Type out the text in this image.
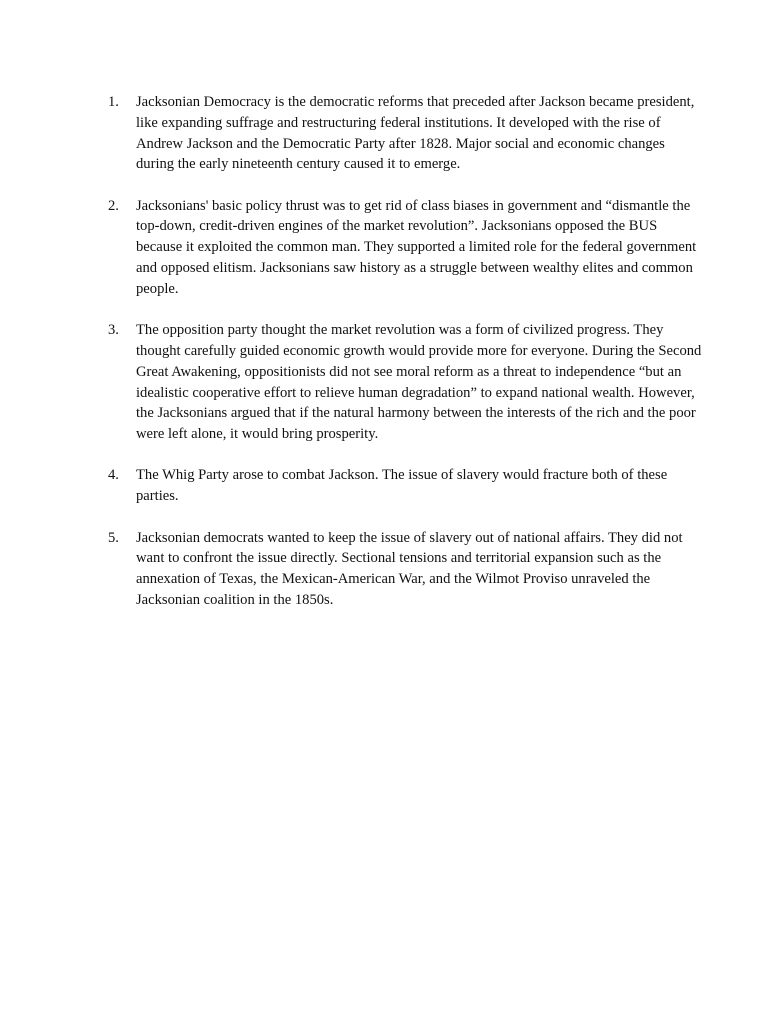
1.	Jacksonian Democracy is the democratic reforms that preceded after Jackson became president, like expanding suffrage and restructuring federal institutions. It developed with the rise of Andrew Jackson and the Democratic Party after 1828. Major social and economic changes during the early nineteenth century caused it to emerge.

2.	Jacksonians' basic policy thrust was to get rid of class biases in government and “dismantle the top-down, credit-driven engines of the market revolution”. Jacksonians opposed the BUS because it exploited the common man. They supported a limited role for the federal government and opposed elitism. Jacksonians saw history as a struggle between wealthy elites and common people.

3.	The opposition party thought the market revolution was a form of civilized progress. They thought carefully guided economic growth would provide more for everyone. During the Second Great Awakening, oppositionists did not see moral reform as a threat to independence “but an idealistic cooperative effort to relieve human degradation” to expand national wealth. However, the Jacksonians argued that if the natural harmony between the interests of the rich and the poor were left alone, it would bring prosperity.

4.	The Whig Party arose to combat Jackson. The issue of slavery would fracture both of these parties.

5.	Jacksonian democrats wanted to keep the issue of slavery out of national affairs. They did not want to confront the issue directly. Sectional tensions and territorial expansion such as the annexation of Texas, the Mexican-American War, and the Wilmot Proviso unraveled the Jacksonian coalition in the 1850s.
